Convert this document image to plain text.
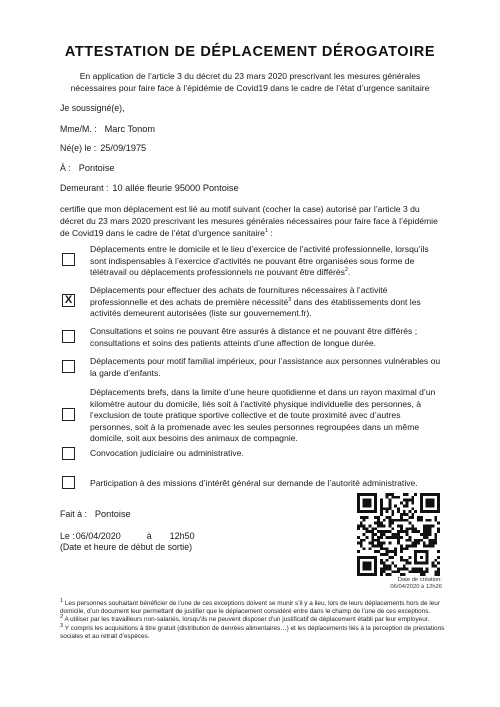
ATTESTATION DE DÉPLACEMENT DÉROGATOIRE
En application de l’article 3 du décret du 23 mars 2020 prescrivant les mesures générales nécessaires pour faire face à l’épidémie de Covid19 dans le cadre de l’état d’urgence sanitaire
Je soussigné(e),
Mme/M. : Marc Tonom
Né(e) le : 25/09/1975
À : Pontoise
Demeurant : 10 allée fleurie 95000 Pontoise
certifie que mon déplacement est lié au motif suivant (cocher la case) autorisé par l’article 3 du décret du 23 mars 2020 prescrivant les mesures générales nécessaires pour faire face à l’épidémie de Covid19 dans le cadre de l’état d’urgence sanitaire$^1$ :
Déplacements entre le domicile et le lieu d’exercice de l’activité professionnelle, lorsqu’ils sont indispensables à l’exercice d’activités ne pouvant être organisées sous forme de télétravail ou déplacements professionnels ne pouvant être différés$^2$.
X
Déplacements pour effectuer des achats de fournitures nécessaires à l’activité professionnelle et des achats de première nécessité$^3$ dans des établissements dont les activités demeurent autorisées (liste sur gouvernement.fr).
Consultations et soins ne pouvant être assurés à distance et ne pouvant être différés ; consultations et soins des patients atteints d’une affection de longue durée.
Déplacements pour motif familial impérieux, pour l’assistance aux personnes vulnérables ou la garde d’enfants.
Déplacements brefs, dans la limite d’une heure quotidienne et dans un rayon maximal d’un kilomètre autour du domicile, liés soit à l’activité physique individuelle des personnes, à l’exclusion de toute pratique sportive collective et de toute proximité avec d’autres personnes, soit à la promenade avec les seules personnes regroupées dans un même domicile, soit aux besoins des animaux de compagnie.
Convocation judiciaire ou administrative.
Participation à des missions d’intérêt général sur demande de l’autorité administrative.
Fait à : Pontoise
Le :06/04/2020	à 12h50
(Date et heure de début de sortie)
Date de création:
06/04/2020 à 12h26

$^1$ Les personnes souhaitant bénéficier de l’une de ces exceptions doivent se munir s’il y a lieu, lors de leurs déplacements hors de leur domicile, d’un document leur permettant de justifier que le déplacement considéré entre dans le champ de l’une de ces exceptions.

$^2$ A utiliser par les travailleurs non-salariés, lorsqu’ils ne peuvent disposer d’un justificatif de déplacement établi par leur employeur.

$^3$ Y compris les acquisitions à titre gratuit (distribution de denrées alimentaires…) et les déplacements liés à la perception de prestations sociales et au retrait d’espèces.
